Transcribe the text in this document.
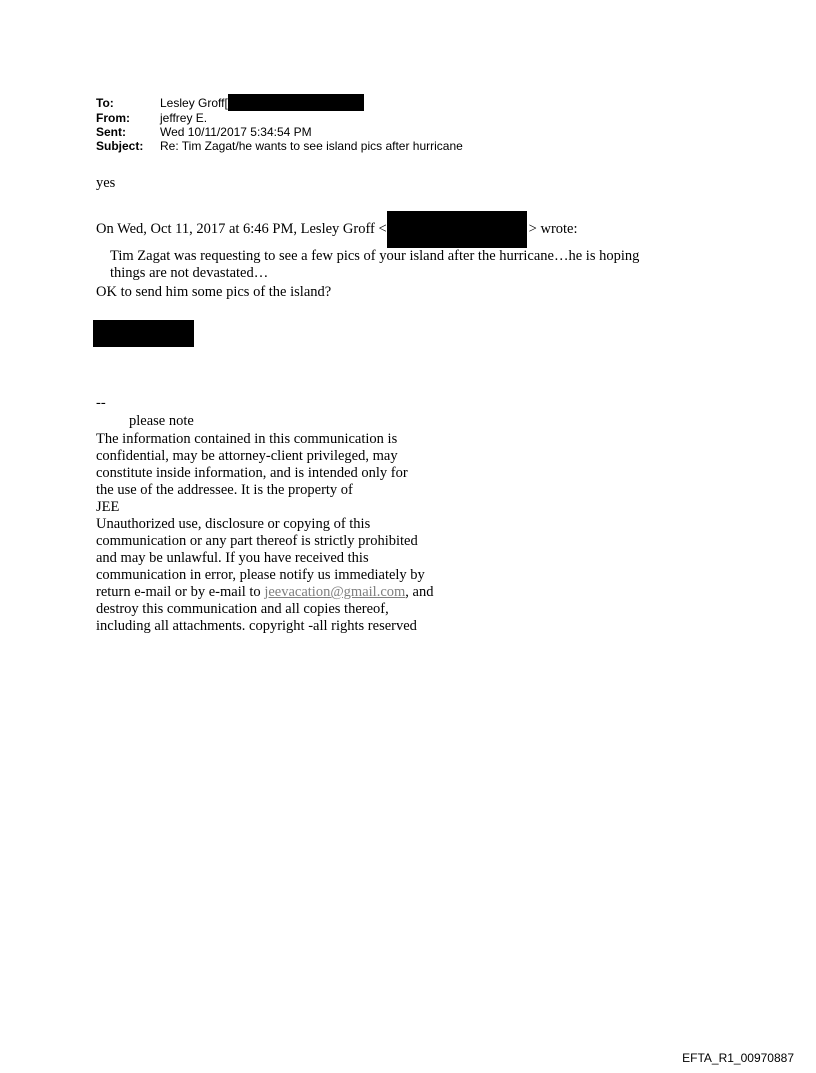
To:	Lesley Groff[
From:	jeffrey E.
Sent:	Wed 10/11/2017 5:34:54 PM
Subject:	Re: Tim Zagat/he wants to see island pics after hurricane
yes
On Wed, Oct 11, 2017 at 6:46 PM, Lesley Groff <	> wrote:
Tim Zagat was requesting to see a few pics of your island after the hurricane…he is hoping
things are not devastated…
OK to send him some pics of the island?
--
please note
The information contained in this communication is
confidential, may be attorney-client privileged, may
constitute inside information, and is intended only for
the use of the addressee. It is the property of
JEE
Unauthorized use, disclosure or copying of this
communication or any part thereof is strictly prohibited
and may be unlawful. If you have received this
communication in error, please notify us immediately by
return e-mail or by e-mail to jeevacation@gmail.com, and
destroy this communication and all copies thereof,
including all attachments. copyright -all rights reserved
EFTA_R1_00970887
